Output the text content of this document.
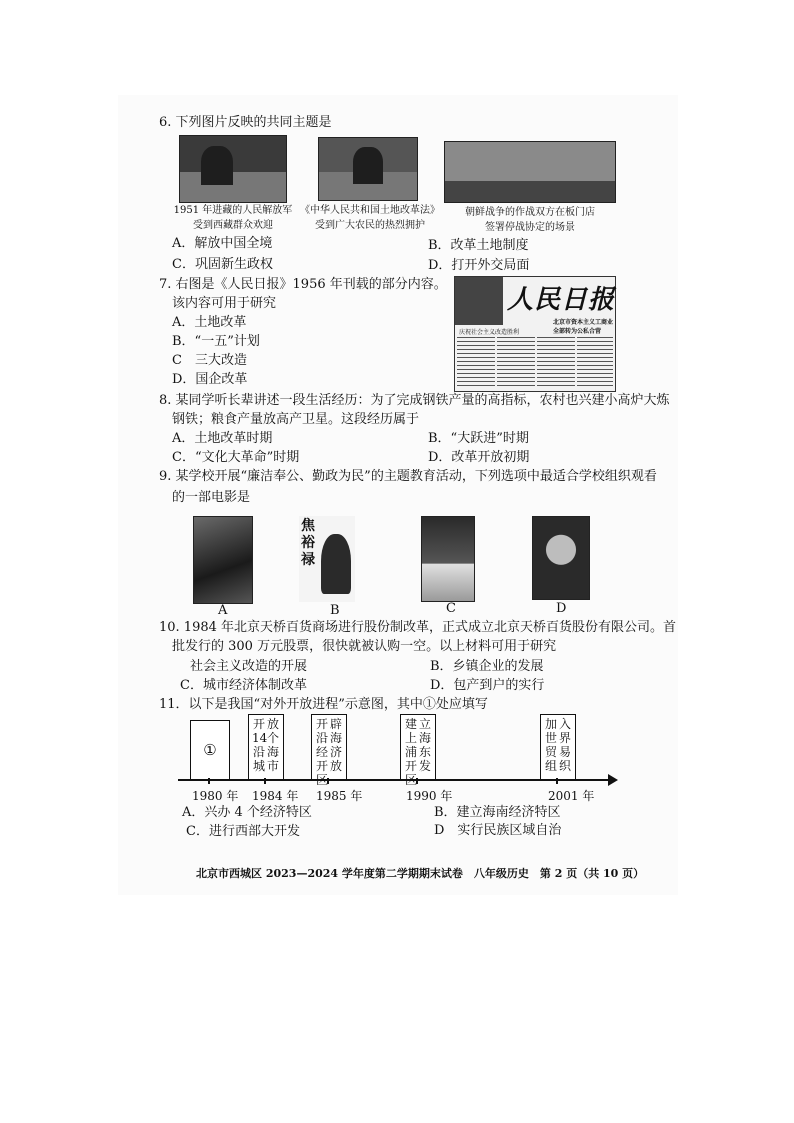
6. 下列图片反映的共同主题是
1951 年进藏的人民解放军
受到西藏群众欢迎
《中华人民共和国土地改革法》
受到广大农民的热烈拥护
朝鲜战争的作战双方在板门店
签署停战协定的场景
A．解放中国全境	B．改革土地制度
C．巩固新生政权	D．打开外交局面
7. 右图是《人民日报》1956 年刊载的部分内容。
该内容可用于研究
A．土地改革
B．“一五”计划
C　三大改造
D．国企改革
人民日报
北京市资本主义工商业全部转为公私合营
庆祝社会主义改造胜利
8. 某同学听长辈讲述一段生活经历：为了完成钢铁产量的高指标，农村也兴建小高炉大炼
钢铁；粮食产量放高产卫星。这段经历属于
A．土地改革时期	B．“大跃进”时期
C．“文化大革命”时期	D．改革开放初期
9. 某学校开展“廉洁奉公、勤政为民”的主题教育活动，下列选项中最适合学校组织观看
的一部电影是
焦裕禄
A	B	C	D
10. 1984 年北京天桥百货商场进行股份制改革，正式成立北京天桥百货股份有限公司。首
批发行的 300 万元股票，很快就被认购一空。以上材料可用于研究
社会主义改造的开展	B．乡镇企业的发展
C．城市经济体制改革	D．包产到户的实行
11．以下是我国“对外开放进程”示意图，其中①处应填写
①
开
14
沿
城放
个
海
市
开
沿
经
开
辟
海
济
放
建
上
浦
开
立
海
东
发
加
世
贸
组入
界
易
织
1980 年 1984 年 1985 年	1990 年	2001 年
A．兴办 4 个经济特区	B．建立海南经济特区
C．进行西部大开发	D　实行民族区域自治
北京市西城区 2023—2024 学年度第二学期期末试卷　八年级历史　第 2 页（共 10 页）
